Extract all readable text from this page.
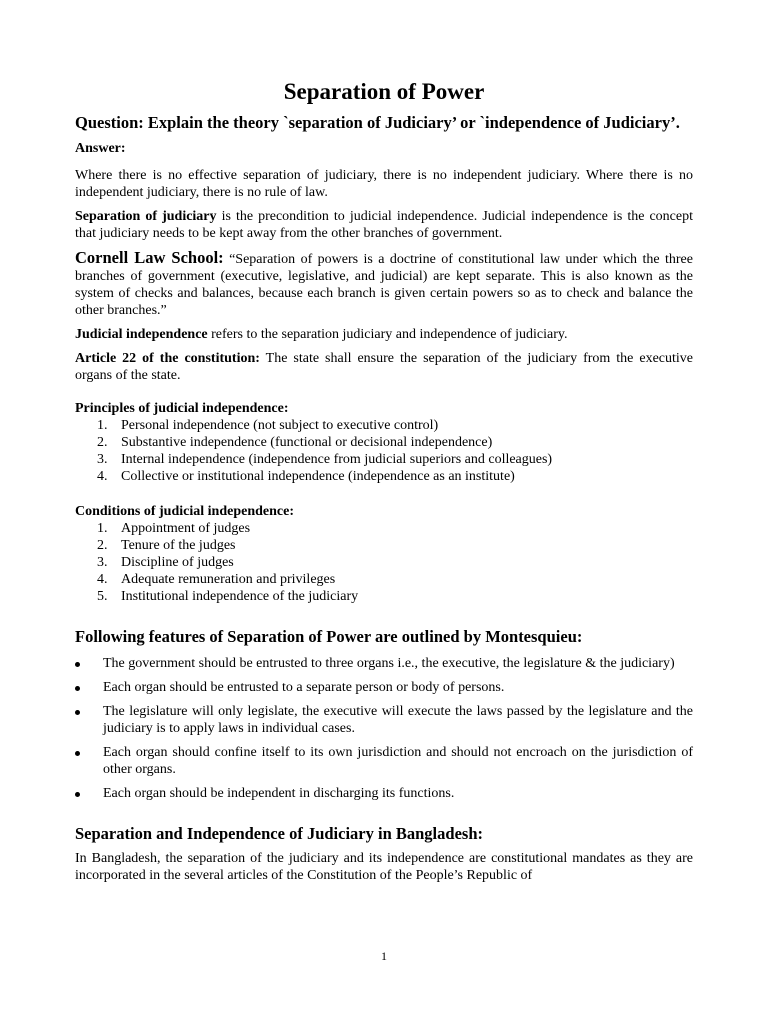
Separation of Power

Question: Explain the theory `separation of Judiciary’ or `independence of Judiciary’.

Answer:

Where there is no effective separation of judiciary, there is no independent judiciary. Where there is no independent judiciary, there is no rule of law.

Separation of judiciary is the precondition to judicial independence. Judicial independence is the concept that judiciary needs to be kept away from the other branches of government.

Cornell Law School: “Separation of powers is a doctrine of constitutional law under which the three branches of government (executive, legislative, and judicial) are kept separate. This is also known as the system of checks and balances, because each branch is given certain powers so as to check and balance the other branches.”

Judicial independence refers to the separation judiciary and independence of judiciary.

Article 22 of the constitution: The state shall ensure the separation of the judiciary from the executive organs of the state.

Principles of judicial independence:

1. Personal independence (not subject to executive control)
2. Substantive independence (functional or decisional independence)
3. Internal independence (independence from judicial superiors and colleagues)
4. Collective or institutional independence (independence as an institute)

Conditions of judicial independence:

1. Appointment of judges
2. Tenure of the judges
3. Discipline of judges
4. Adequate remuneration and privileges
5. Institutional independence of the judiciary

Following features of Separation of Power are outlined by Montesquieu:

The government should be entrusted to three organs i.e., the executive, the legislature & the judiciary)
Each organ should be entrusted to a separate person or body of persons.
The legislature will only legislate, the executive will execute the laws passed by the legislature and the judiciary is to apply laws in individual cases.
Each organ should confine itself to its own jurisdiction and should not encroach on the jurisdiction of other organs.
Each organ should be independent in discharging its functions.

Separation and Independence of Judiciary in Bangladesh:

In Bangladesh, the separation of the judiciary and its independence are constitutional mandates as they are incorporated in the several articles of the Constitution of the People’s Republic of

1
